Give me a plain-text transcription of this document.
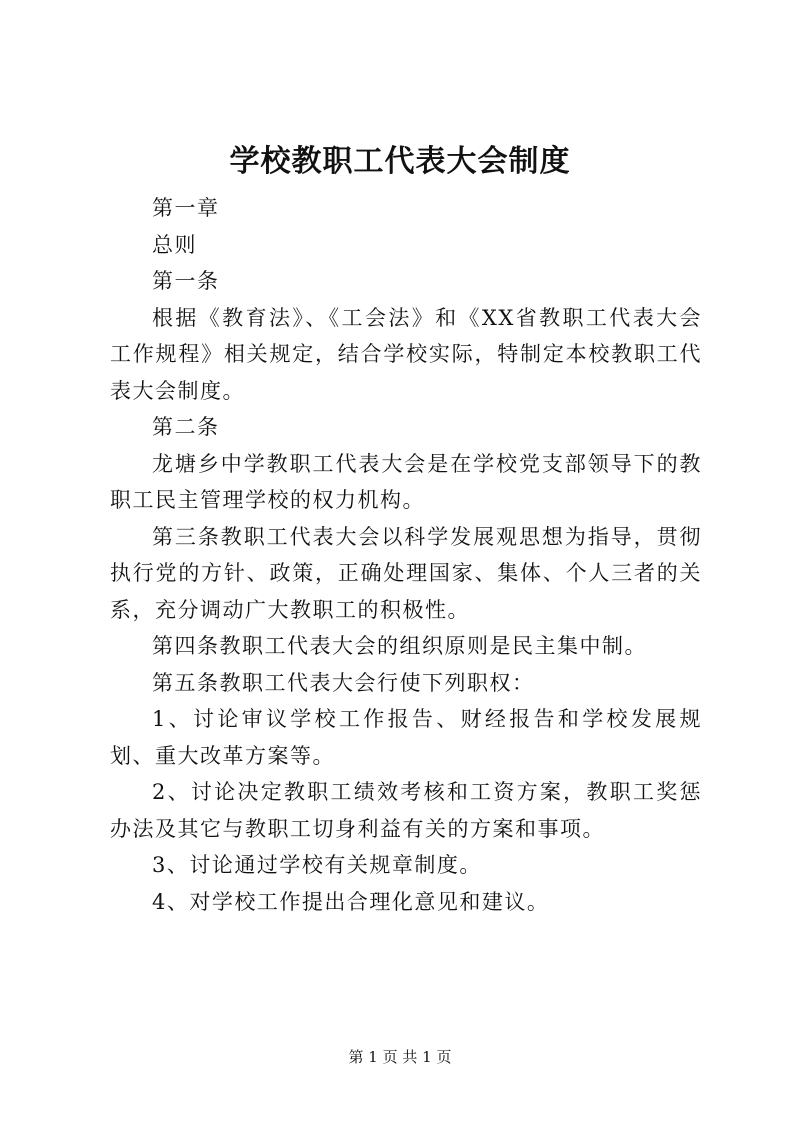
学校教职工代表大会制度

第一章

总则

第一条

根据《教育法》、《工会法》和《XX省教职工代表大会工作规程》相关规定，结合学校实际，特制定本校教职工代表大会制度。

第二条

龙塘乡中学教职工代表大会是在学校党支部领导下的教职工民主管理学校的权力机构。

第三条教职工代表大会以科学发展观思想为指导，贯彻执行党的方针、政策，正确处理国家、集体、个人三者的关系，充分调动广大教职工的积极性。

第四条教职工代表大会的组织原则是民主集中制。

第五条教职工代表大会行使下列职权：

1、讨论审议学校工作报告、财经报告和学校发展规划、重大改革方案等。

2、讨论决定教职工绩效考核和工资方案，教职工奖惩办法及其它与教职工切身利益有关的方案和事项。

3、讨论通过学校有关规章制度。

4、对学校工作提出合理化意见和建议。

第 1 页 共 1 页
